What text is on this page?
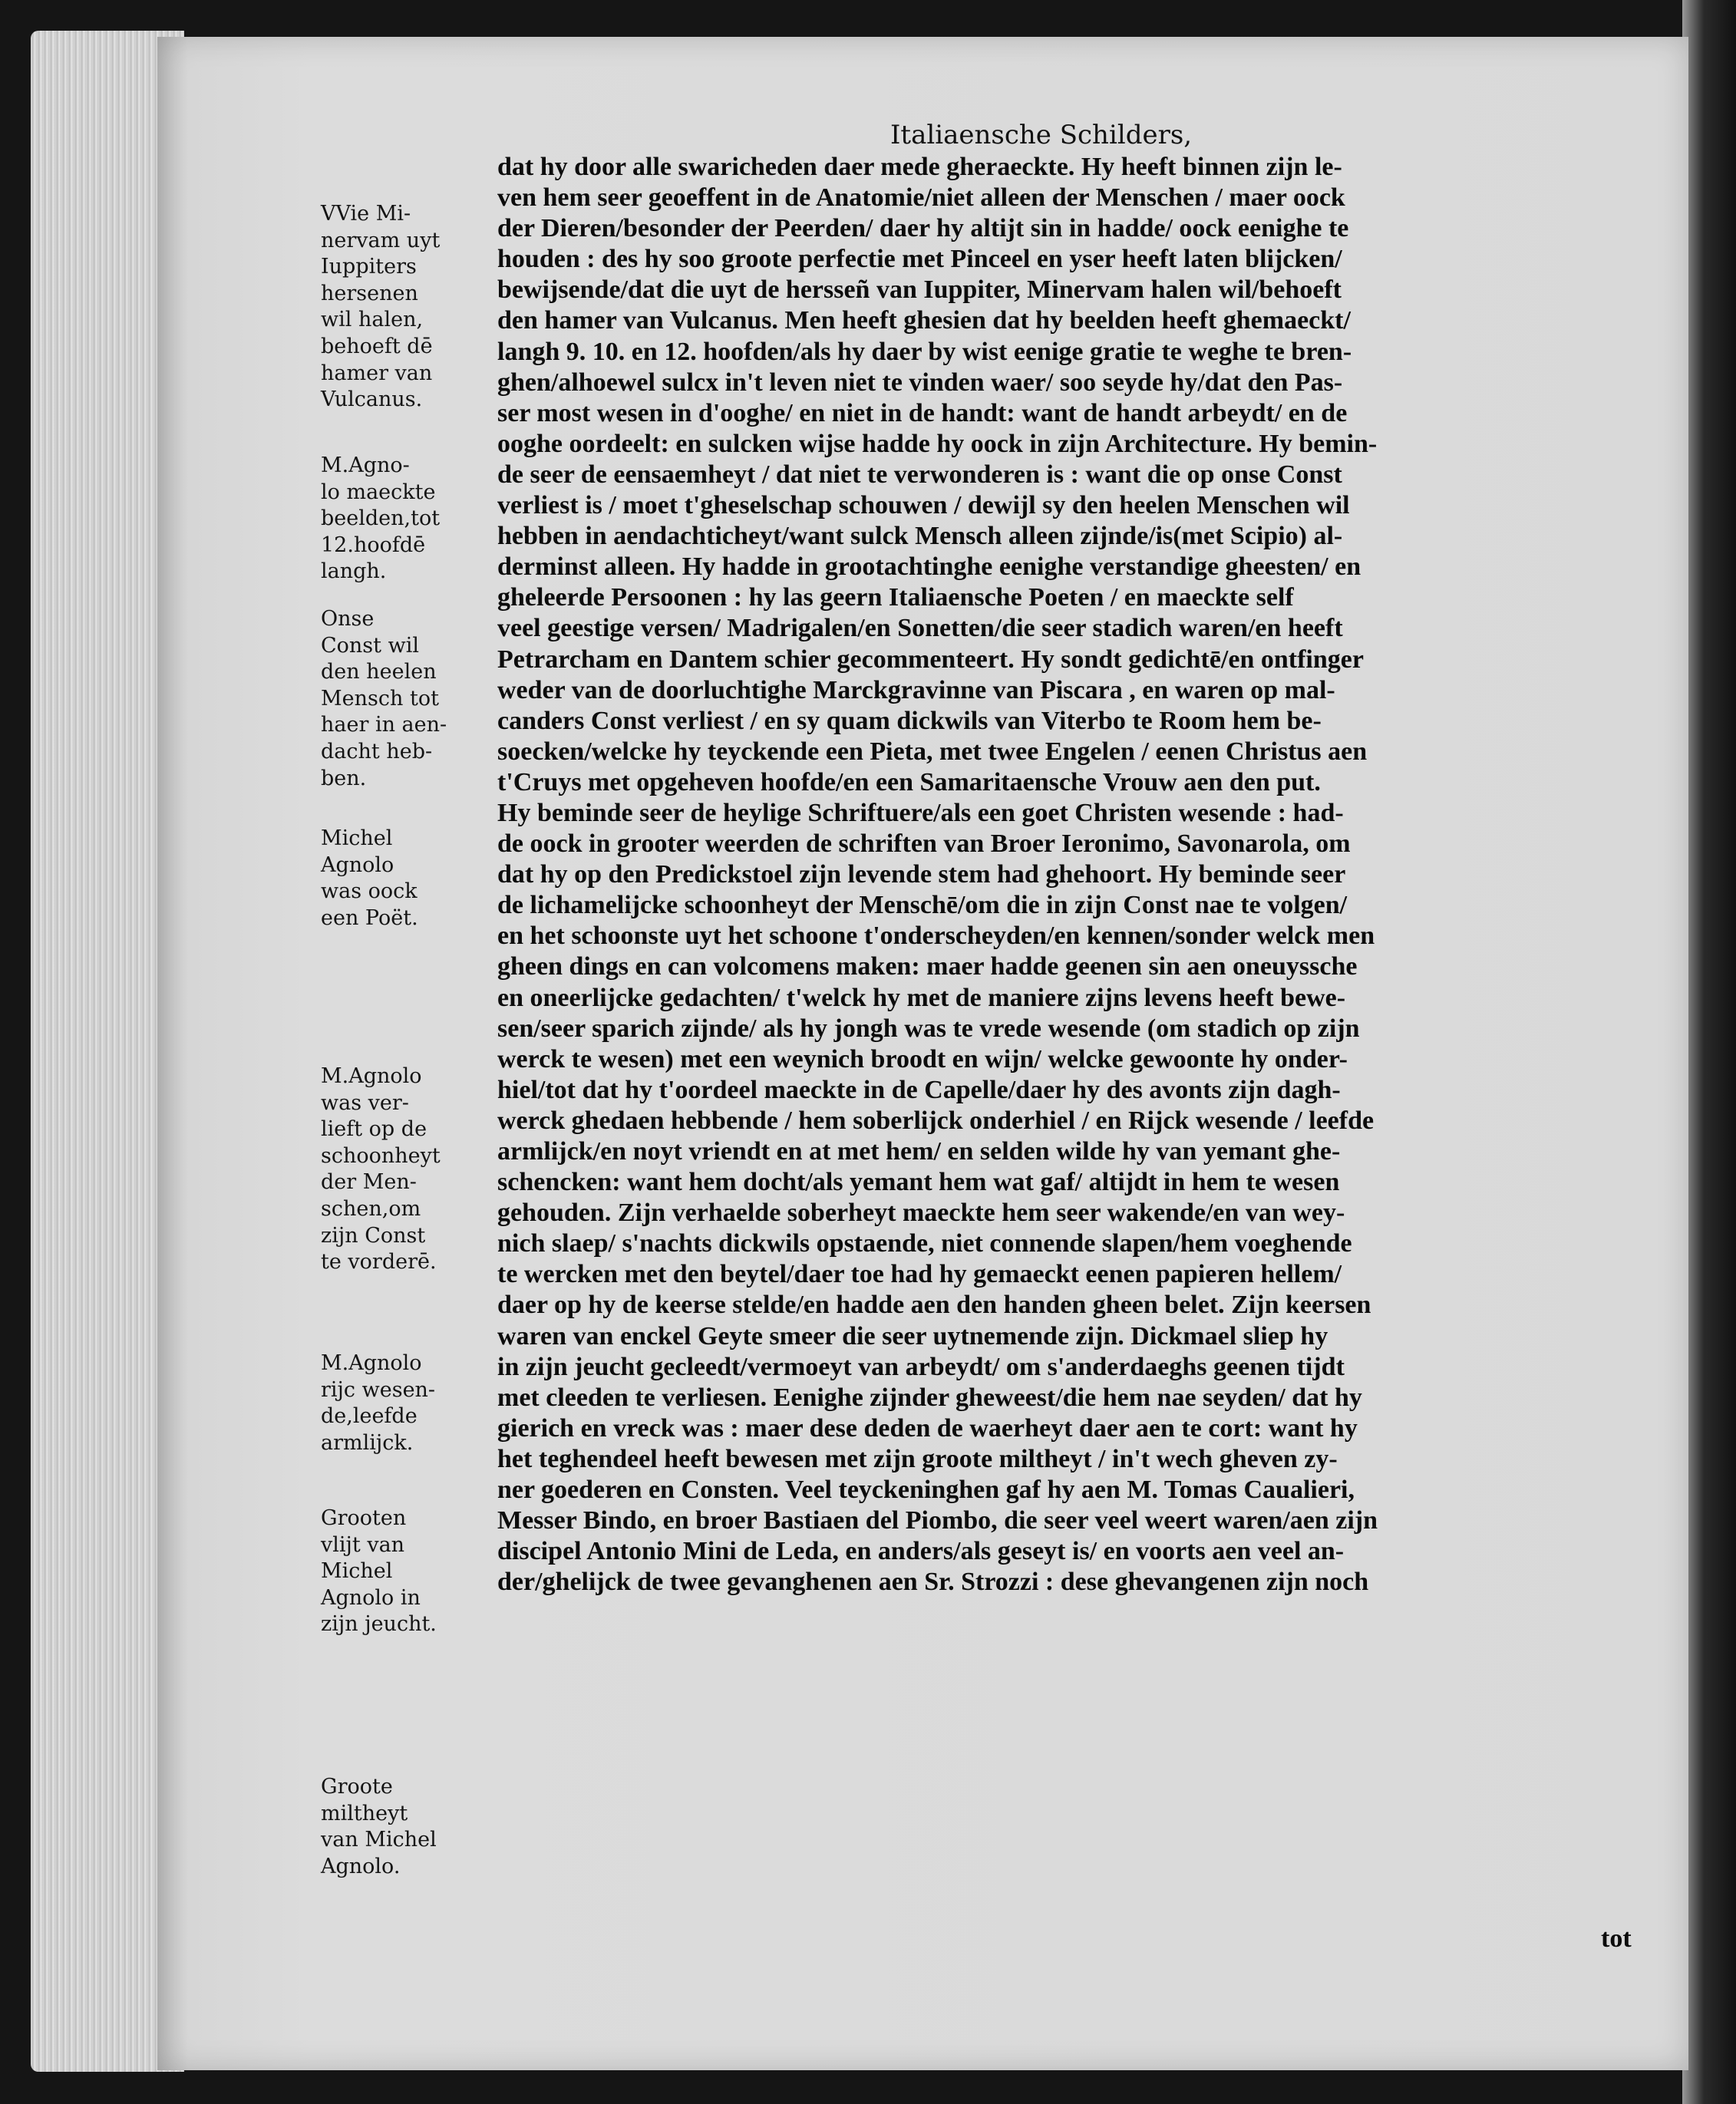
Italiaensche Schilders,
dat hy door alle swaricheden daer mede gheraeckte. Hy heeft binnen zijn le-
ven hem seer geoeffent in de Anatomie/niet alleen der Menschen / maer oock
der Dieren/besonder der Peerden/ daer hy altijt sin in hadde/ oock eenighe te
houden : des hy soo groote perfectie met Pinceel en yser heeft laten blijcken/
bewijsende/dat die uyt de hersseñ van Iuppiter, Minervam halen wil/behoeft
den hamer van Vulcanus. Men heeft ghesien dat hy beelden heeft ghemaeckt/
langh 9. 10. en 12. hoofden/als hy daer by wist eenige gratie te weghe te bren-
ghen/alhoewel sulcx in't leven niet te vinden waer/ soo seyde hy/dat den Pas-
ser most wesen in d'ooghe/ en niet in de handt: want de handt arbeydt/ en de
ooghe oordeelt: en sulcken wijse hadde hy oock in zijn Architecture. Hy bemin-
de seer de eensaemheyt / dat niet te verwonderen is : want die op onse Const
verliest is / moet t'gheselschap schouwen / dewijl sy den heelen Menschen wil
hebben in aendachticheyt/want sulck Mensch alleen zijnde/is(met Scipio) al-
derminst alleen. Hy hadde in grootachtinghe eenighe verstandige gheesten/ en
gheleerde Persoonen : hy las geern Italiaensche Poeten / en maeckte self
veel geestige versen/ Madrigalen/en Sonetten/die seer stadich waren/en heeft
Petrarcham en Dantem schier gecommenteert. Hy sondt gedichtē/en ontfinger
weder van de doorluchtighe Marckgravinne van Piscara , en waren op mal-
canders Const verliest / en sy quam dickwils van Viterbo te Room hem be-
soecken/welcke hy teyckende een Pieta, met twee Engelen / eenen Christus aen
t'Cruys met opgeheven hoofde/en een Samaritaensche Vrouw aen den put.
Hy beminde seer de heylige Schriftuere/als een goet Christen wesende : had-
de oock in grooter weerden de schriften van Broer Ieronimo, Savonarola, om
dat hy op den Predickstoel zijn levende stem had ghehoort. Hy beminde seer
de lichamelijcke schoonheyt der Menschē/om die in zijn Const nae te volgen/
en het schoonste uyt het schoone t'onderscheyden/en kennen/sonder welck men
gheen dings en can volcomens maken: maer hadde geenen sin aen oneuyssche
en oneerlijcke gedachten/ t'welck hy met de maniere zijns levens heeft bewe-
sen/seer sparich zijnde/ als hy jongh was te vrede wesende (om stadich op zijn
werck te wesen) met een weynich broodt en wijn/ welcke gewoonte hy onder-
hiel/tot dat hy t'oordeel maeckte in de Capelle/daer hy des avonts zijn dagh-
werck ghedaen hebbende / hem soberlijck onderhiel / en Rijck wesende / leefde
armlijck/en noyt vriendt en at met hem/ en selden wilde hy van yemant ghe-
schencken: want hem docht/als yemant hem wat gaf/ altijdt in hem te wesen
gehouden. Zijn verhaelde soberheyt maeckte hem seer wakende/en van wey-
nich slaep/ s'nachts dickwils opstaende, niet connende slapen/hem voeghende
te wercken met den beytel/daer toe had hy gemaeckt eenen papieren hellem/
daer op hy de keerse stelde/en hadde aen den handen gheen belet. Zijn keersen
waren van enckel Geyte smeer die seer uytnemende zijn. Dickmael sliep hy
in zijn jeucht gecleedt/vermoeyt van arbeydt/ om s'anderdaeghs geenen tijdt
met cleeden te verliesen. Eenighe zijnder gheweest/die hem nae seyden/ dat hy
gierich en vreck was : maer dese deden de waerheyt daer aen te cort: want hy
het teghendeel heeft bewesen met zijn groote miltheyt / in't wech gheven zy-
ner goederen en Consten. Veel teyckeninghen gaf hy aen M. Tomas Caualieri,
Messer Bindo, en broer Bastiaen del Piombo, die seer veel weert waren/aen zijn
discipel Antonio Mini de Leda, en anders/als geseyt is/ en voorts aen veel an-
der/ghelijck de twee gevanghenen aen Sr. Strozzi : dese ghevangenen zijn noch
tot
VVie Mi-
nervam uyt
Iuppiters
hersenen
wil halen,
behoeft dē
hamer van
Vulcanus.
M.Agno-
lo maeckte
beelden,tot
12.hoofdē
langh.
Onse
Const wil
den heelen
Mensch tot
haer in aen-
dacht heb-
ben.
Michel
Agnolo
was oock
een Poët.
M.Agnolo
was ver-
lieft op de
schoonheyt
der Men-
schen,om
zijn Const
te vorderē.
M.Agnolo
rijc wesen-
de,leefde
armlijck.
Grooten
vlijt van
Michel
Agnolo in
zijn jeucht.
Groote
miltheyt
van Michel
Agnolo.
